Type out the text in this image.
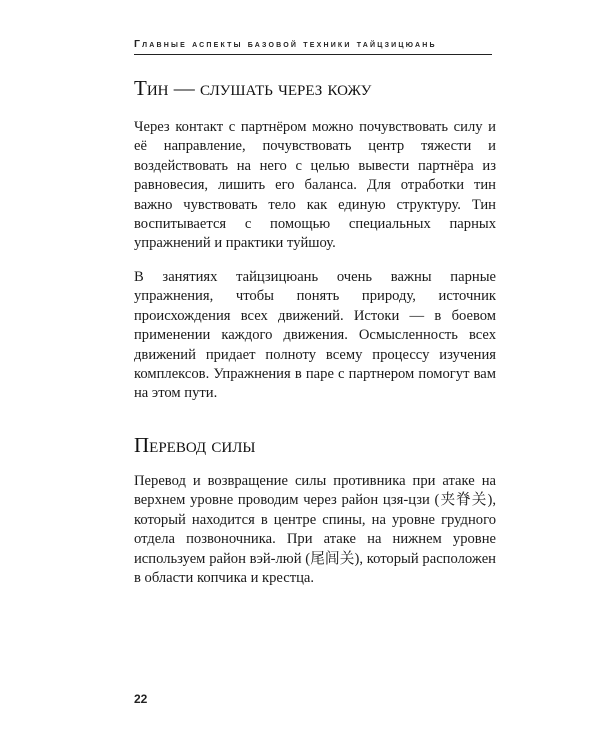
Главные аспекты базовой техники тайцзицюань
Тин — слушать через кожу

Через контакт с партнёром можно почувствовать силу и её направление, почувствовать центр тяжести и воздействовать на него с целью вывести партнёра из равновесия, лишить его баланса. Для отработки тин важно чувствовать тело как единую структуру. Тин воспитывается с помощью специальных парных упражнений и практики туйшоу.

В занятиях тайцзицюань очень важны парные упражнения, чтобы понять природу, источник происхождения всех движений. Истоки — в боевом применении каждого движения. Осмысленность всех движений придает полноту всему процессу изучения комплексов. Упражнения в паре с партнером помогут вам на этом пути.

Перевод силы

Перевод и возвращение силы противника при атаке на верхнем уровне проводим через район цзя-цзи (夹脊关), который находится в центре спины, на уровне грудного отдела позвоночника. При атаке на нижнем уровне используем район вэй-люй (尾闾关), который расположен в области копчика и крестца.

22
